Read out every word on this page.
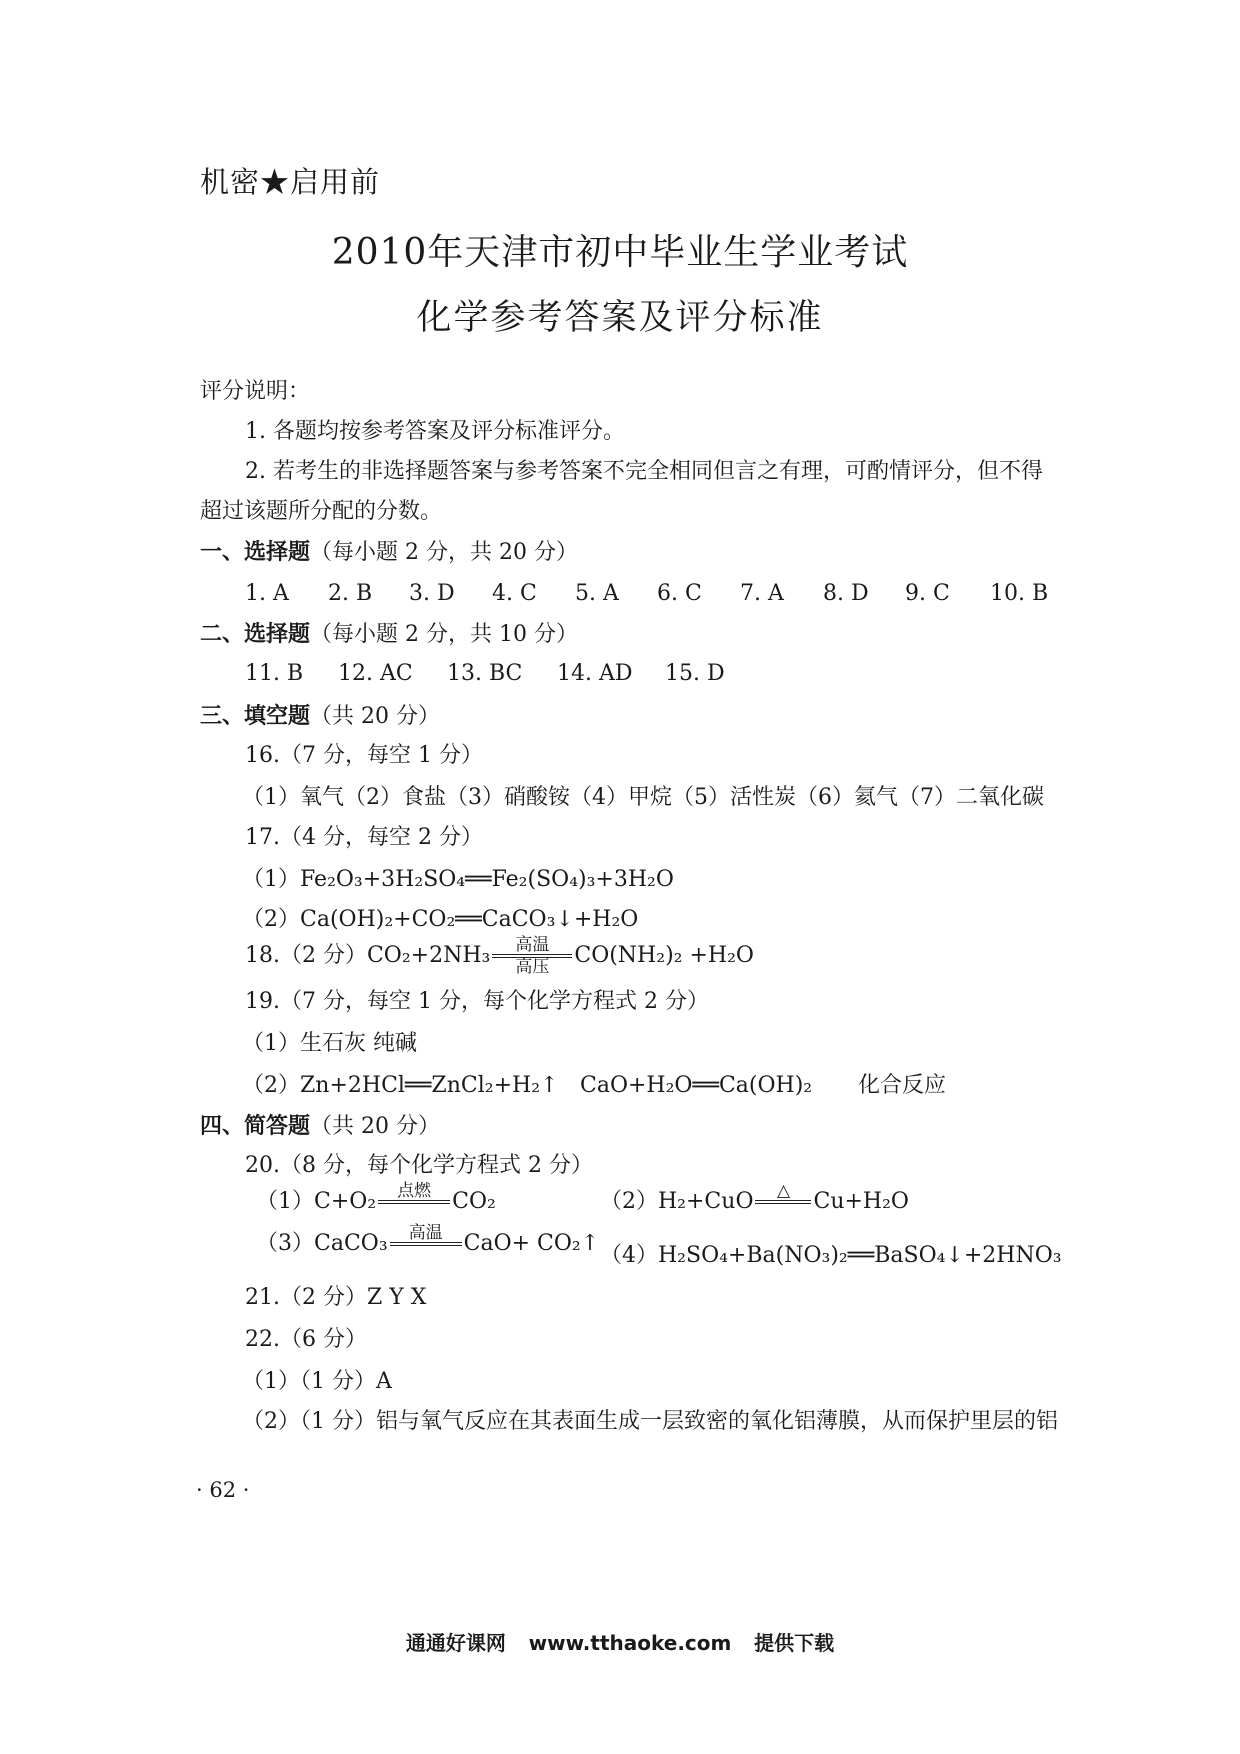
机密★启用前
2010年天津市初中毕业生学业考试
化学参考答案及评分标准
评分说明：
1. 各题均按参考答案及评分标准评分。
2. 若考生的非选择题答案与参考答案不完全相同但言之有理，可酌情评分，但不得
超过该题所分配的分数。
一、选择题（每小题 2 分，共 20 分）
1. A 2. B 3. D 4. C 5. A 6. C 7. A 8. D 9. C 10. B
二、选择题（每小题 2 分，共 10 分）
11. B 12. AC 13. BC 14. AD 15. D
三、填空题（共 20 分）
16.（7 分，每空 1 分）
（1）氧气（2）食盐（3）硝酸铵（4）甲烷（5）活性炭（6）氦气（7）二氧化碳
17.（4 分，每空 2 分）
（1）Fe₂O₃+3H₂SO₄══Fe₂(SO₄)₃+3H₂O
（2）Ca(OH)₂+CO₂══CaCO₃↓+H₂O
18.（2 分）$CO_2+2NH_3 \frac{\text{高温}}{\text{高压}} CO(NH_2)_2 +H_2O$
19.（7 分，每空 1 分，每个化学方程式 2 分）
（1）生石灰 纯碱
（2）Zn+2HCl══ZnCl₂+H₂↑ CaO+H₂O══Ca(OH)₂ 化合反应
四、简答题（共 20 分）
20.（8 分，每个化学方程式 2 分）
（1）C+O₂ 点燃 CO₂	（2）H₂+CuO △ Cu+H₂O
（3）CaCO₃ 高温 CaO+ CO₂↑ （4）H₂SO₄+Ba(NO₃)₂══BaSO₄↓+2HNO₃
21.（2 分）Z Y X
22.（6 分）
（1）（1 分）A
（2）（1 分）铝与氧气反应在其表面生成一层致密的氧化铝薄膜，从而保护里层的铝
· 62 ·
通通好课网 www.tthaoke.com 提供下载
